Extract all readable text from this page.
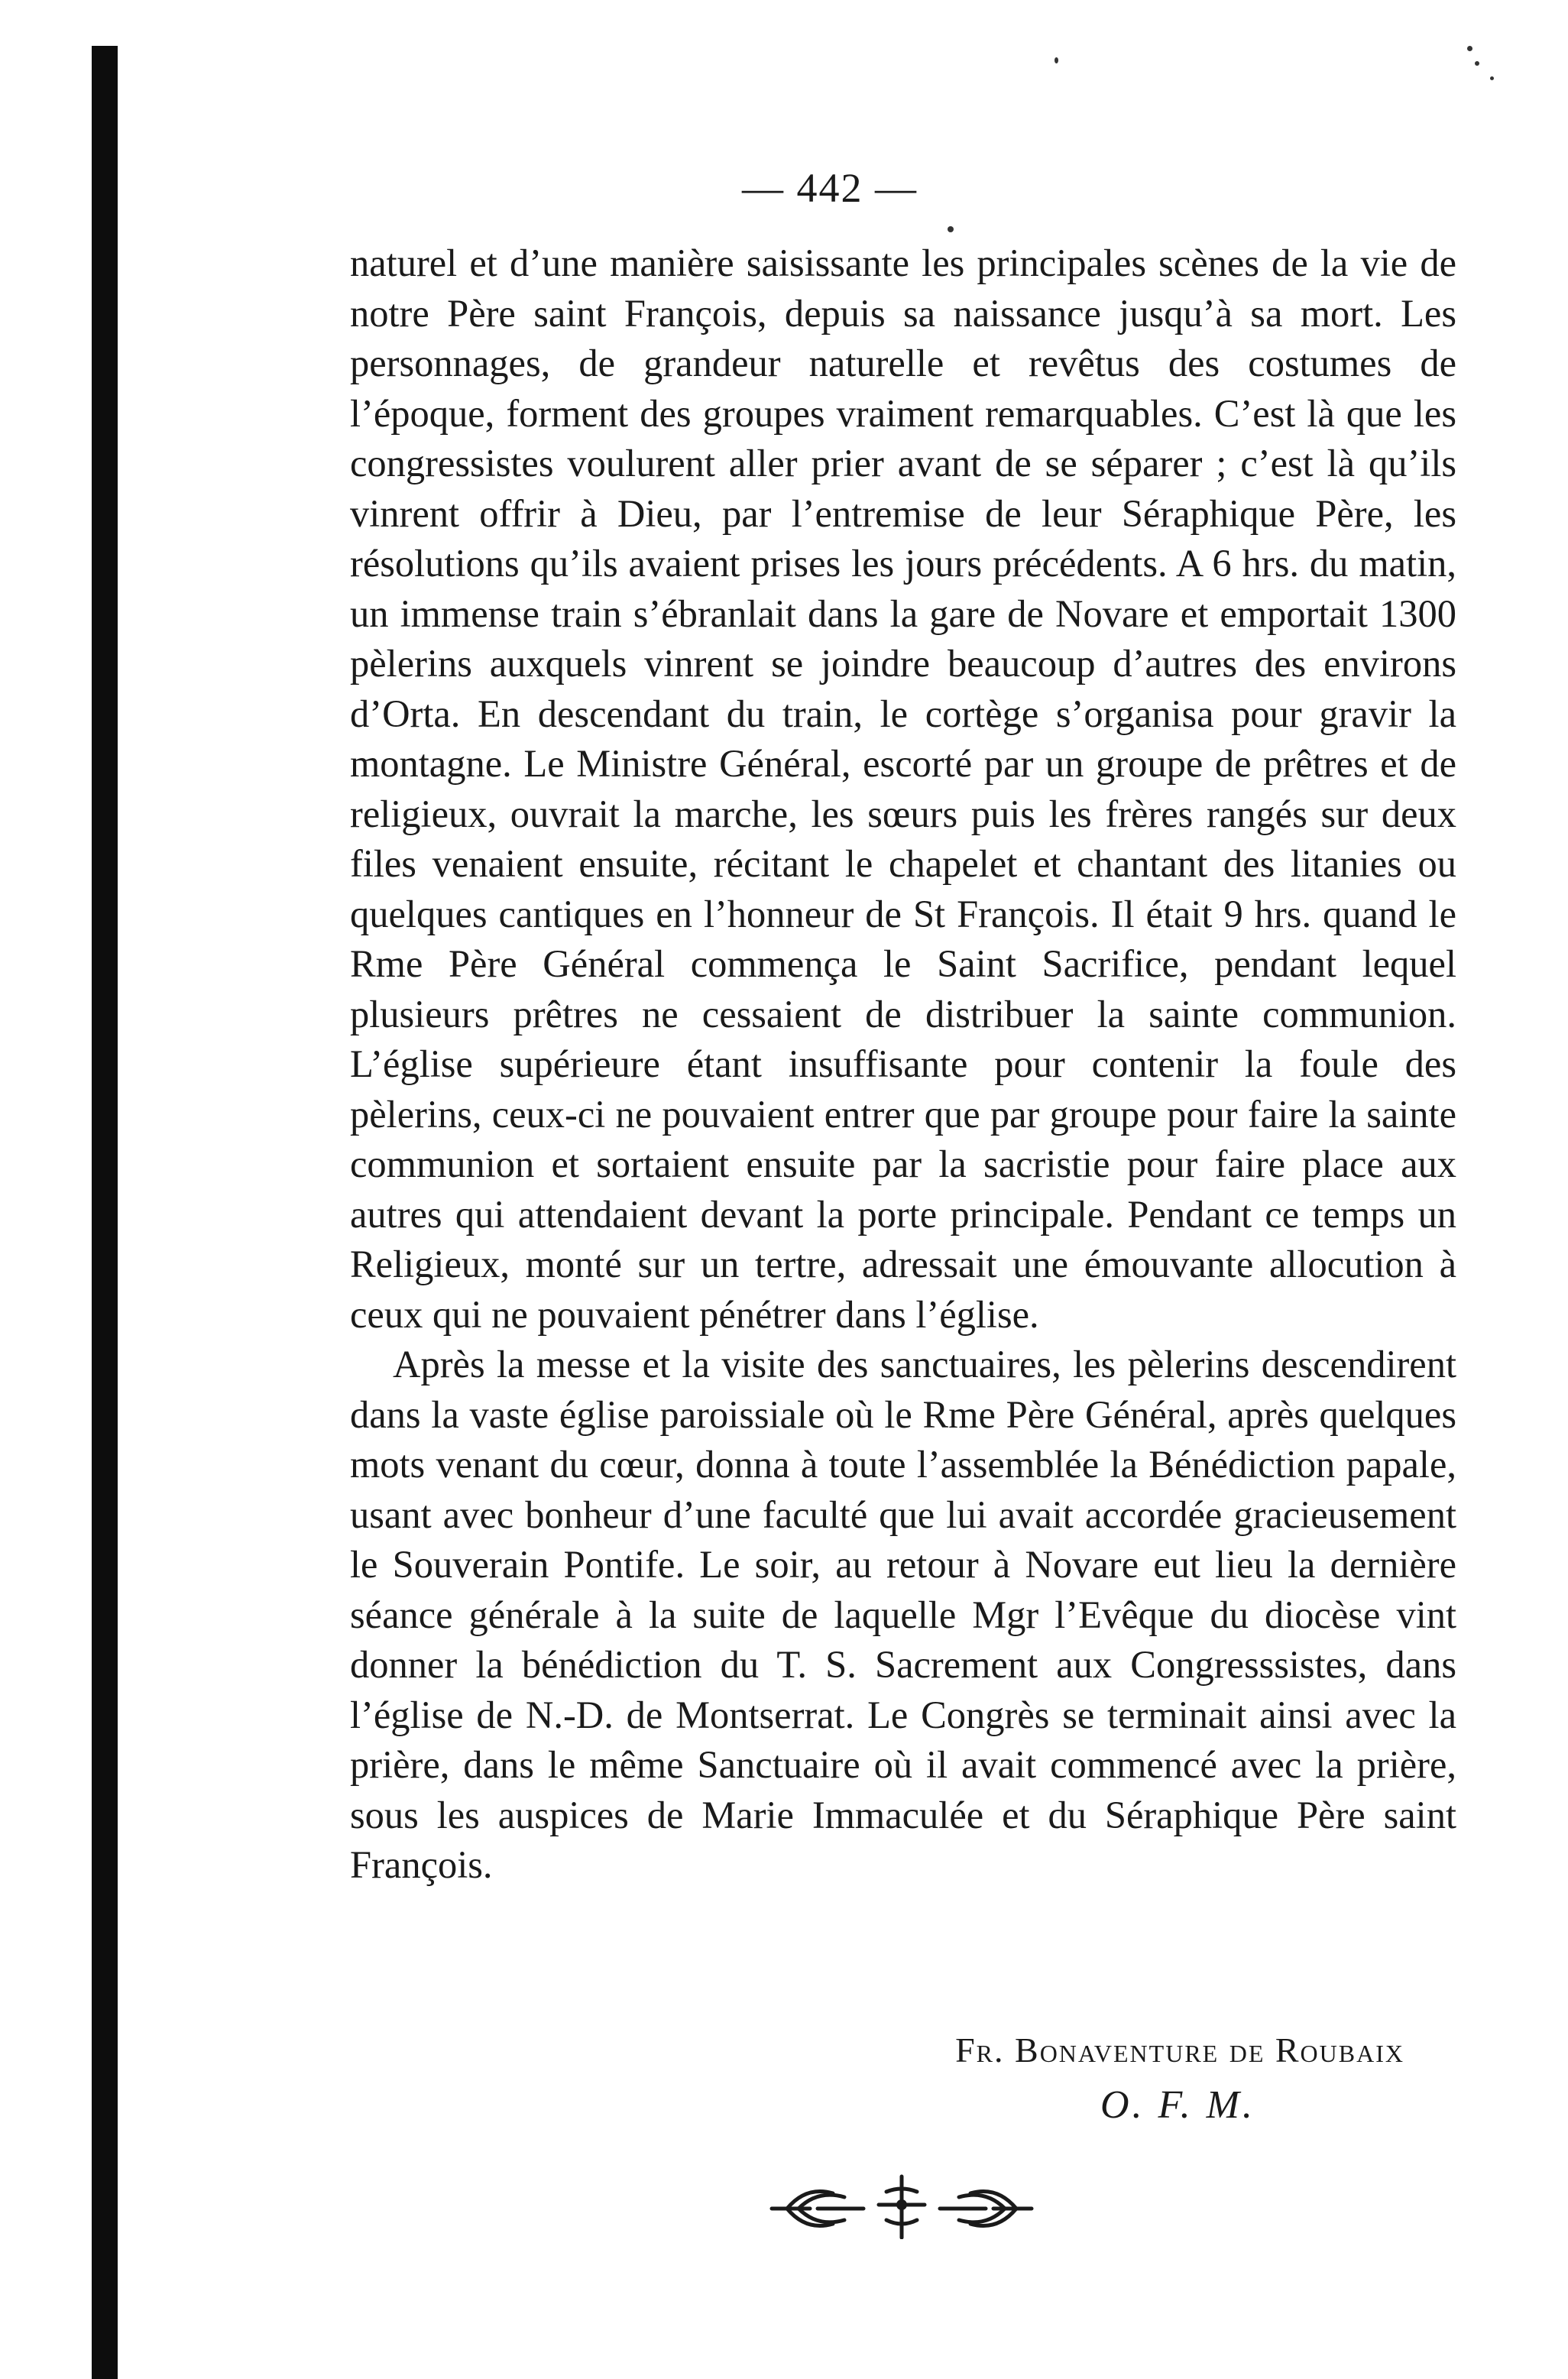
— 442 —

naturel et d’une manière saisissante les principales scènes de la vie de notre Père saint François, depuis sa naissance jusqu’à sa mort. Les personnages, de grandeur naturelle et revêtus des costumes de l’époque, forment des groupes vraiment remarquables. C’est là que les congressistes voulurent aller prier avant de se séparer ; c’est là qu’ils vinrent offrir à Dieu, par l’entremise de leur Séraphique Père, les résolutions qu’ils avaient prises les jours précédents. A 6 hrs. du matin, un immense train s’ébranlait dans la gare de Novare et emportait 1300 pèlerins auxquels vinrent se joindre beaucoup d’autres des environs d’Orta. En descendant du train, le cortège s’organisa pour gravir la montagne. Le Ministre Général, escorté par un groupe de prêtres et de religieux, ouvrait la marche, les sœurs puis les frères rangés sur deux files venaient ensuite, récitant le chapelet et chantant des litanies ou quelques cantiques en l’honneur de St François. Il était 9 hrs. quand le Rme Père Général commença le Saint Sacrifice, pendant lequel plusieurs prêtres ne cessaient de distribuer la sainte communion. L’église supérieure étant insuffisante pour contenir la foule des pèlerins, ceux-ci ne pouvaient entrer que par groupe pour faire la sainte communion et sortaient ensuite par la sacristie pour faire place aux autres qui attendaient devant la porte principale. Pendant ce temps un Religieux, monté sur un tertre, adressait une émouvante allocution à ceux qui ne pouvaient pénétrer dans l’église.

Après la messe et la visite des sanctuaires, les pèlerins descendirent dans la vaste église paroissiale où le Rme Père Général, après quelques mots venant du cœur, donna à toute l’assemblée la Bénédiction papale, usant avec bonheur d’une faculté que lui avait accordée gracieusement le Souverain Pontife. Le soir, au retour à Novare eut lieu la dernière séance générale à la suite de laquelle Mgr l’Evêque du diocèse vint donner la bénédiction du T. S. Sacrement aux Congresssistes, dans l’église de N.-D. de Montserrat. Le Congrès se terminait ainsi avec la prière, dans le même Sanctuaire où il avait commencé avec la prière, sous les auspices de Marie Immaculée et du Séraphique Père saint François.

Fr. Bonaventure de Roubaix
O. F. M.
